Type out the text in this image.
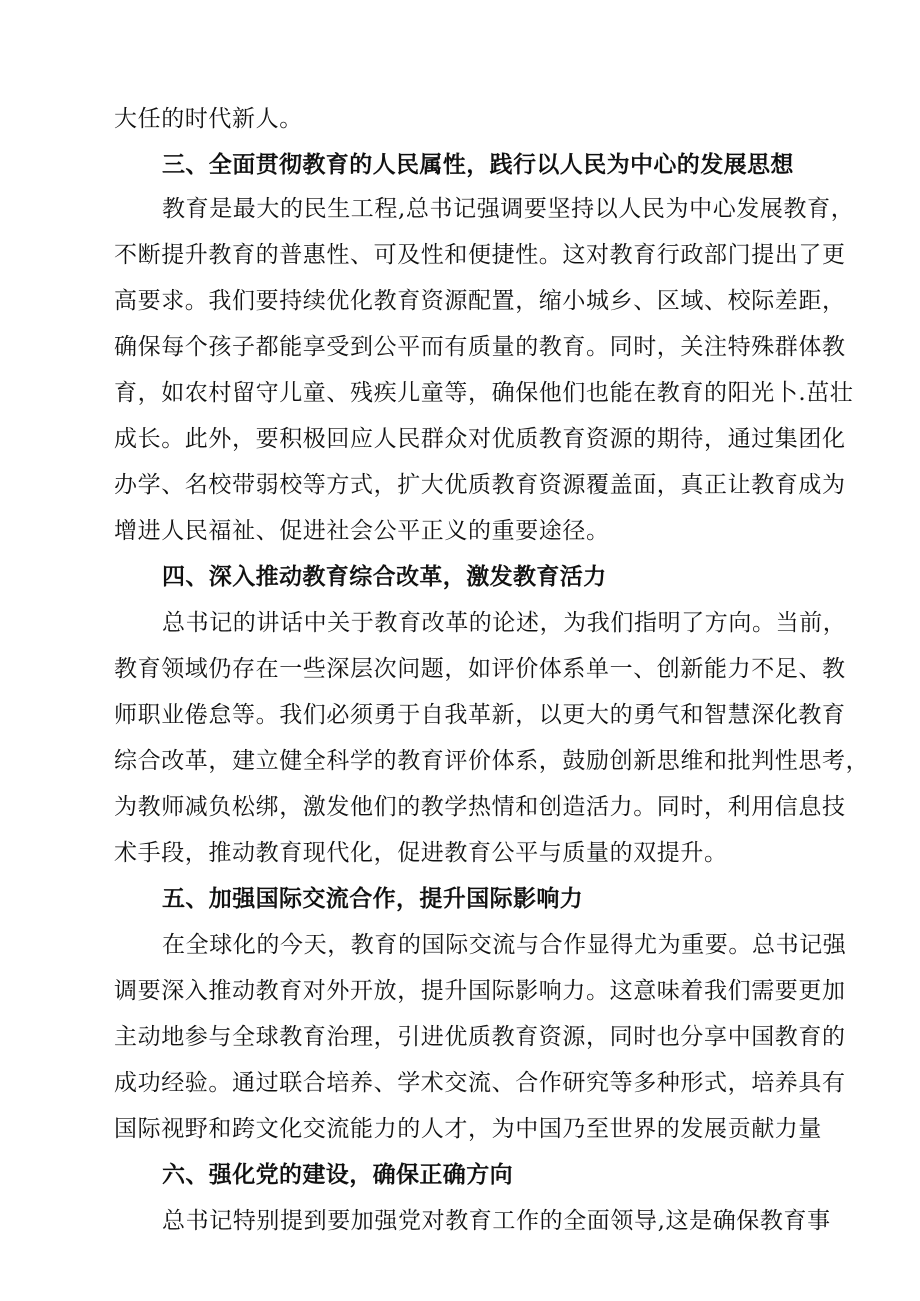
大任的时代新人。
三、全面贯彻教育的人民属性，践行以人民为中心的发展思想
教育是最大的民生工程,总书记强调要坚持以人民为中心发展教育，
不断提升教育的普惠性、可及性和便捷性。这对教育行政部门提出了更
高要求。我们要持续优化教育资源配置，缩小城乡、区域、校际差距，
确保每个孩子都能享受到公平而有质量的教育。同时，关注特殊群体教
育，如农村留守儿童、残疾儿童等，确保他们也能在教育的阳光卜.茁壮
成长。此外，要积极回应人民群众对优质教育资源的期待，通过集团化
办学、名校带弱校等方式，扩大优质教育资源覆盖面，真正让教育成为
增进人民福祉、促进社会公平正义的重要途径。
四、深入推动教育综合改革，激发教育活力
总书记的讲话中关于教育改革的论述，为我们指明了方向。当前，
教育领域仍存在一些深层次问题，如评价体系单一、创新能力不足、教
师职业倦怠等。我们必须勇于自我革新，以更大的勇气和智慧深化教育
综合改革，建立健全科学的教育评价体系，鼓励创新思维和批判性思考，
为教师减负松绑，激发他们的教学热情和创造活力。同时，利用信息技
术手段，推动教育现代化，促进教育公平与质量的双提升。
五、加强国际交流合作，提升国际影响力
在全球化的今天，教育的国际交流与合作显得尤为重要。总书记强
调要深入推动教育对外开放，提升国际影响力。这意味着我们需要更加
主动地参与全球教育治理，引进优质教育资源，同时也分享中国教育的
成功经验。通过联合培养、学术交流、合作研究等多种形式，培养具有
国际视野和跨文化交流能力的人才，为中国乃至世界的发展贡献力量
六、强化党的建设，确保正确方向
总书记特别提到要加强党对教育工作的全面领导,这是确保教育事
